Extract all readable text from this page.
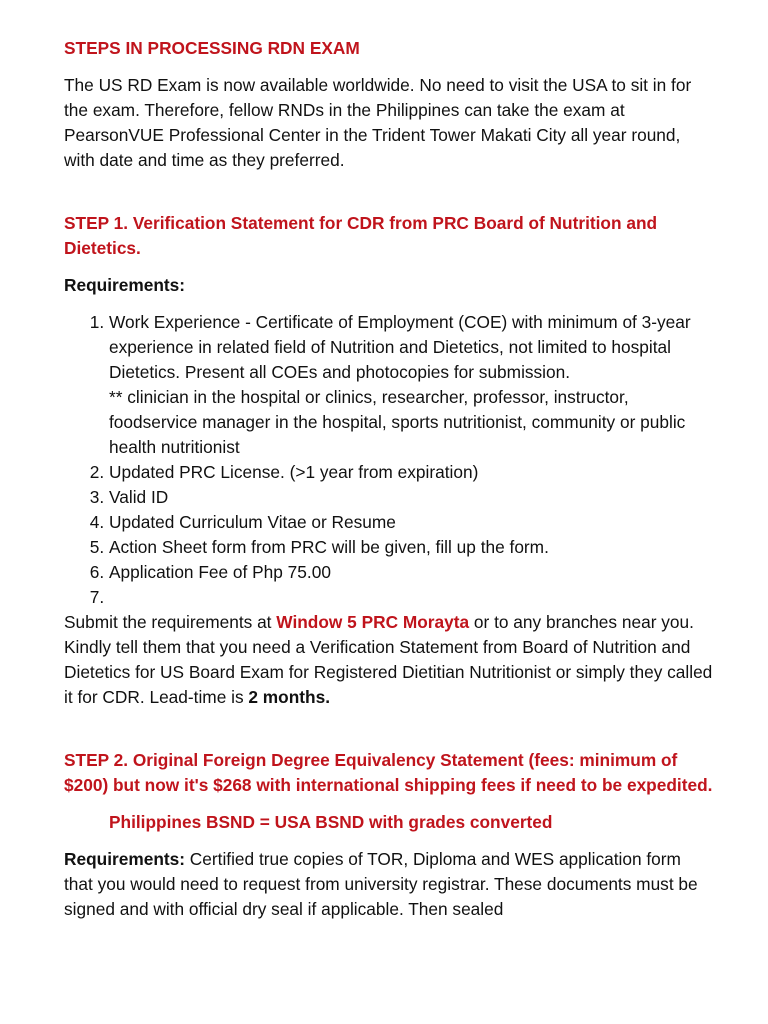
STEPS IN PROCESSING RDN EXAM

The US RD Exam is now available worldwide. No need to visit the USA to sit in for the exam. Therefore, fellow RNDs in the Philippines can take the exam at PearsonVUE Professional Center in the Trident Tower Makati City all year round, with date and time as they preferred.

STEP 1. Verification Statement for CDR from PRC Board of Nutrition and Dietetics.

Requirements:

1. Work Experience - Certificate of Employment (COE) with minimum of 3-year experience in related field of Nutrition and Dietetics, not limited to hospital Dietetics. Present all COEs and photocopies for submission.
** clinician in the hospital or clinics, researcher, professor, instructor, foodservice manager in the hospital, sports nutritionist, community or public health nutritionist
2. Updated PRC License. (>1 year from expiration)
3. Valid ID
4. Updated Curriculum Vitae or Resume
5. Action Sheet form from PRC will be given, fill up the form.
6. Application Fee of Php 75.00
7.

Submit the requirements at Window 5 PRC Morayta or to any branches near you. Kindly tell them that you need a Verification Statement from Board of Nutrition and Dietetics for US Board Exam for Registered Dietitian Nutritionist or simply they called it for CDR. Lead-time is 2 months.

STEP 2. Original Foreign Degree Equivalency Statement (fees: minimum of $200) but now it's $268 with international shipping fees if need to be expedited.

Philippines BSND = USA BSND with grades converted

Requirements: Certified true copies of TOR, Diploma and WES application form that you would need to request from university registrar. These documents must be signed and with official dry seal if applicable. Then sealed
